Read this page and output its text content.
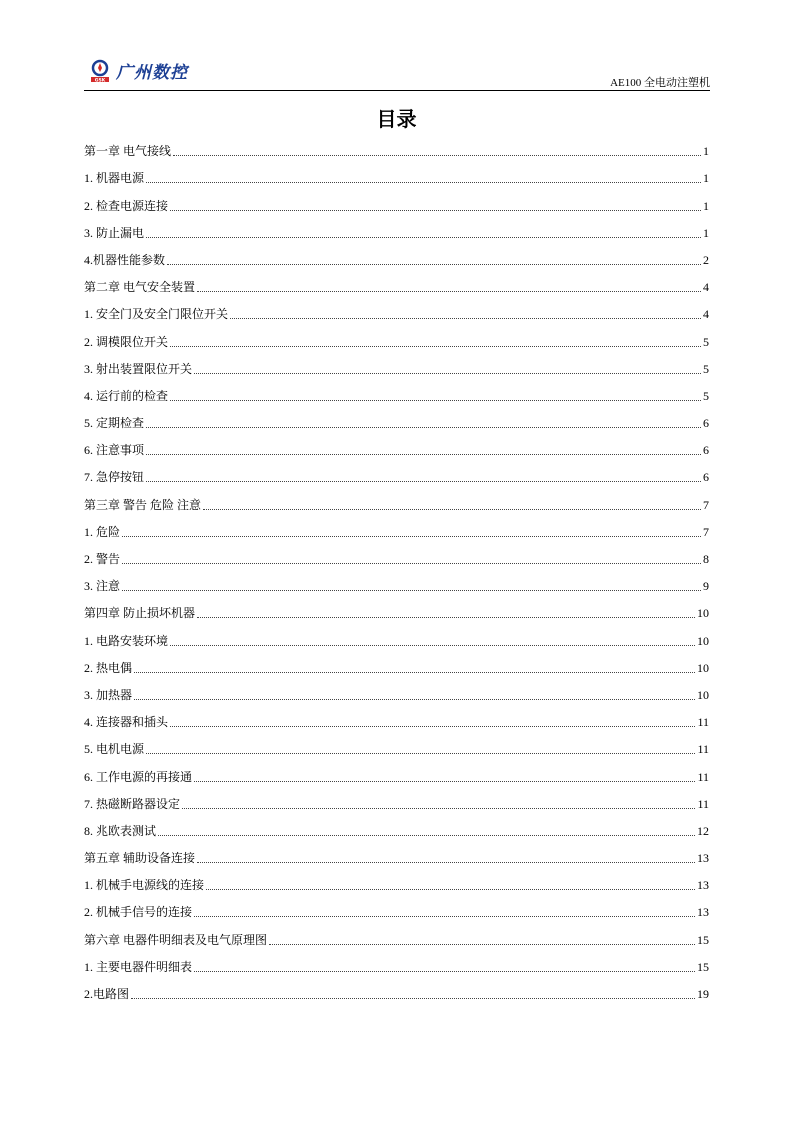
GSK 广州数控	AE100 全电动注塑机
目录
第一章 电气接线	1
1. 机器电源	1
2. 检查电源连接	1
3. 防止漏电	1
4.机器性能参数	2
第二章 电气安全装置	4
1. 安全门及安全门限位开关	4
2. 调模限位开关	5
3. 射出装置限位开关	5
4. 运行前的检查	5
5. 定期检查	6
6. 注意事项	6
7. 急停按钮	6
第三章 警告 危险 注意	7
1. 危险	7
2. 警告	8
3. 注意	9
第四章 防止损坏机器	10
1. 电路安装环境	10
2. 热电偶	10
3. 加热器	10
4. 连接器和插头	11
5. 电机电源	11
6. 工作电源的再接通	11
7. 热磁断路器设定	11
8. 兆欧表测试	12
第五章 辅助设备连接	13
1. 机械手电源线的连接	13
2. 机械手信号的连接	13
第六章 电器件明细表及电气原理图	15
1. 主要电器件明细表	15
2.电路图	19
